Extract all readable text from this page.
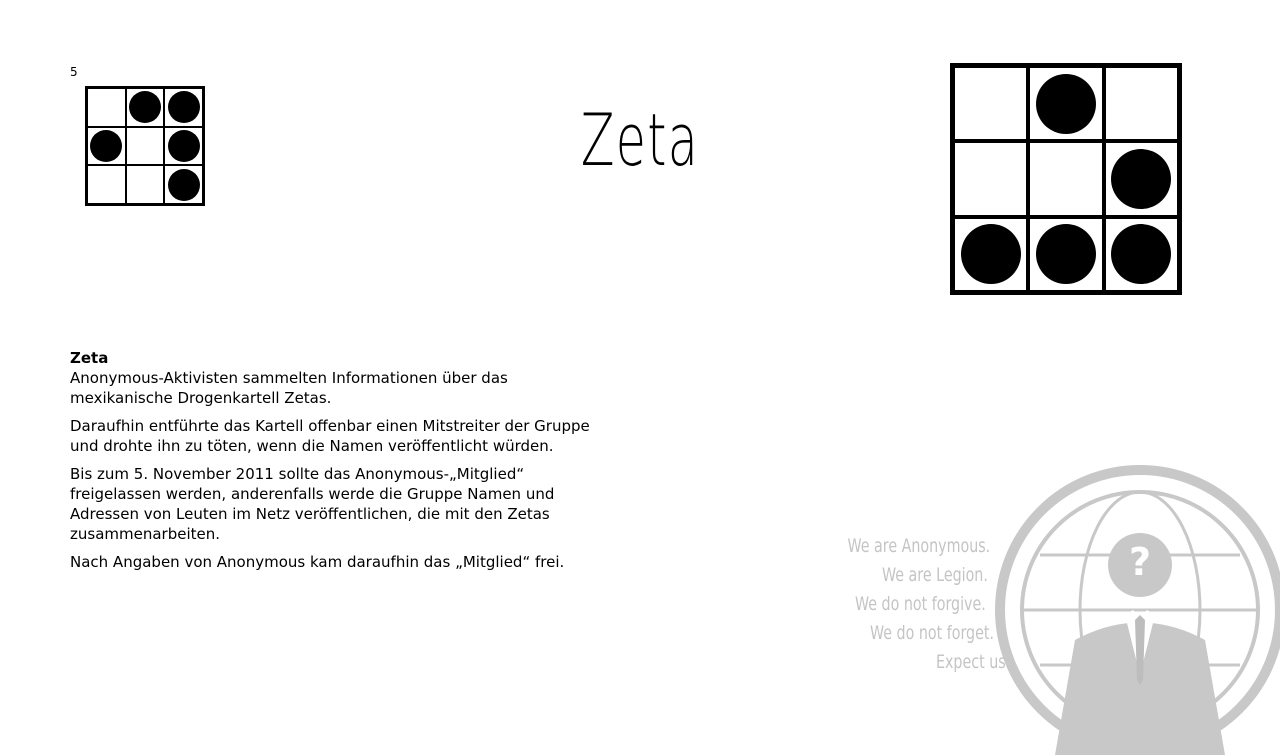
5
Zeta

Zeta
Anonymous-Aktivisten sammelten Informationen über das mexikanische Drogenkartell Zetas.

Daraufhin entführte das Kartell offenbar einen Mitstreiter der Gruppe und drohte ihn zu töten, wenn die Namen veröffentlicht würden.

Bis zum 5. November 2011 sollte das Anonymous-„Mitglied“ freigelassen werden, anderenfalls werde die Gruppe Namen und Adressen von Leuten im Netz veröffentlichen, die mit den Zetas zusammenarbeiten.

Nach Angaben von Anonymous kam daraufhin das „Mitglied“ frei.	?
We are Anonymous.
We are Legion.
We do not forgive.
We do not forget.
Expect us.
